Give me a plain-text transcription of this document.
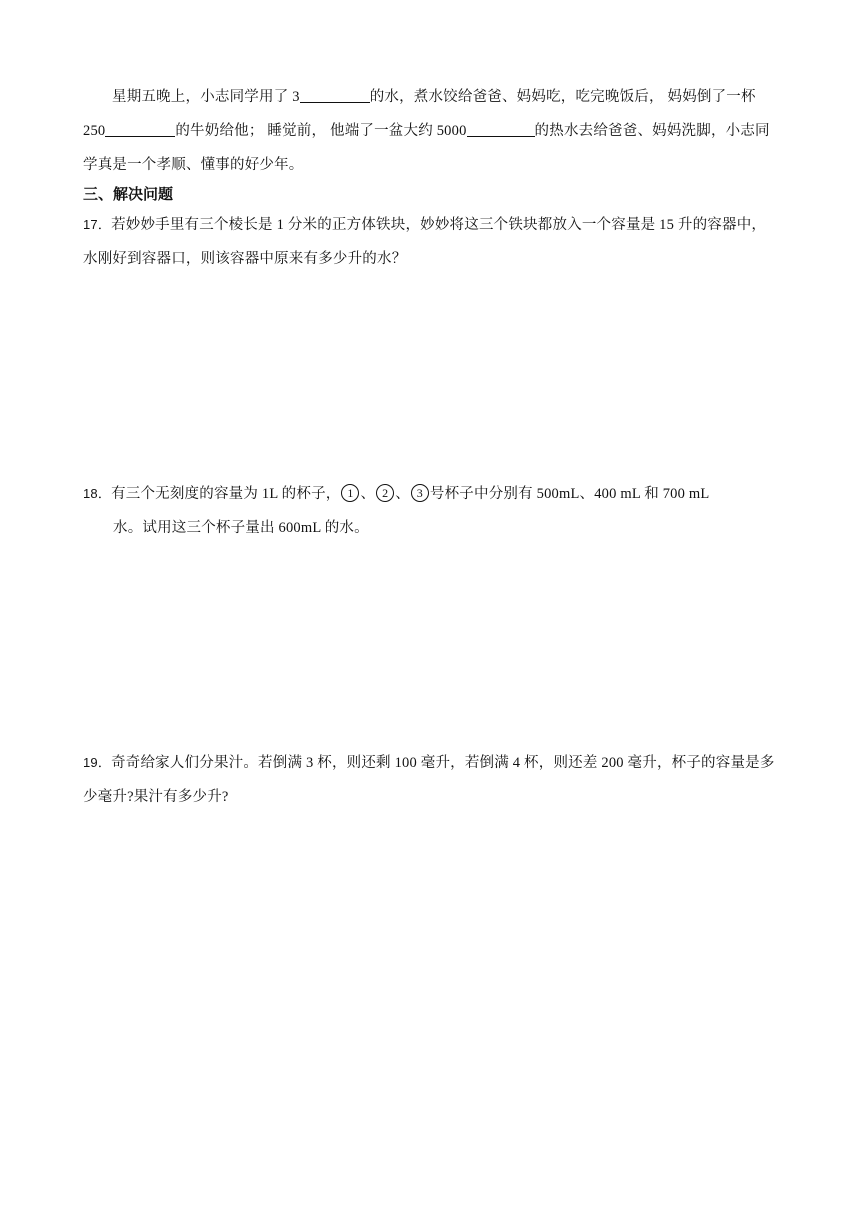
星期五晚上，小志同学用了 3	的水，煮水饺给爸爸、妈妈吃，吃完晚饭后， 妈妈倒了一杯 250	的牛奶给他； 睡觉前， 他端了一盆大约 5000	的热水去给爸爸、妈妈洗脚，小志同学真是一个孝顺、懂事的好少年。
三、解决问题
17．若妙妙手里有三个棱长是 1 分米的正方体铁块，妙妙将这三个铁块都放入一个容量是 15 升的容器中，水刚好到容器口，则该容器中原来有多少升的水？
18．有三个无刻度的容量为 1L 的杯子， 1 、 2 、 3 号杯子中分别有 500mL、400 mL 和 700 mL
水。试用这三个杯子量出 600mL 的水。
19．奇奇给家人们分果汁。若倒满 3 杯，则还剩 100 毫升，若倒满 4 杯，则还差 200 毫升，杯子的容量是多少毫升?果汁有多少升?
